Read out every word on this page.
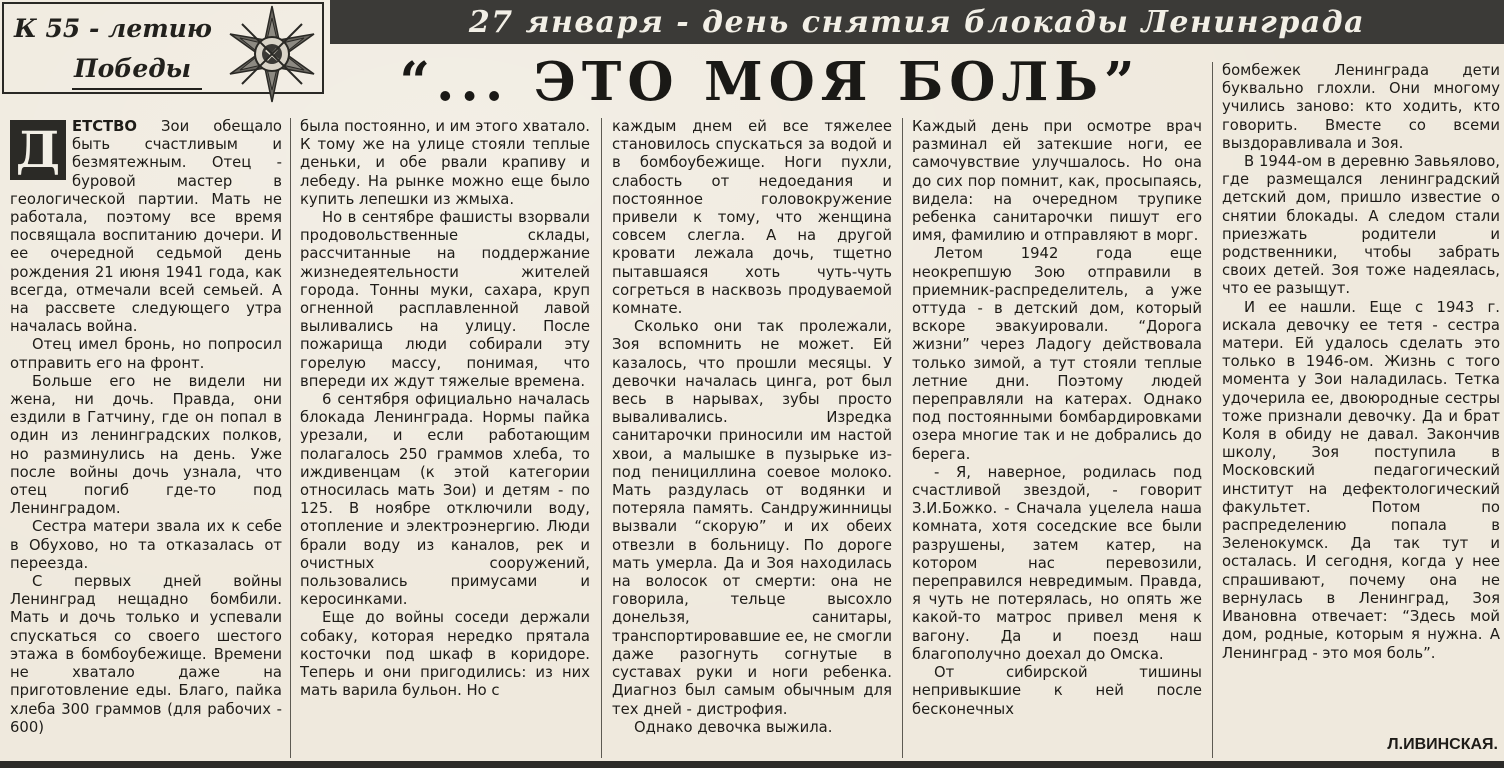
27 января - день снятия блокады Ленинграда
К 55 - летию
Победы	“... ЭТО МОЯ БОЛЬ”

Д ЕТСТВО Зои обещало быть счастливым и безмятежным. Отец - буровой мастер в геологической партии. Мать не работала, поэтому все время посвящала воспитанию дочери. И ее очередной седьмой день рождения 21 июня 1941 года, как всегда, отмечали всей семьей. А на рассвете следующего утра началась война.

Отец имел бронь, но попросил отправить его на фронт.

Больше его не видели ни жена, ни дочь. Правда, они ездили в Гатчину, где он попал в один из ленинградских полков, но разминулись на день. Уже после войны дочь узнала, что отец погиб где-то под Ленинградом.

Сестра матери звала их к себе в Обухово, но та отказалась от переезда.

С первых дней войны Ленинград нещадно бомбили. Мать и дочь только и успевали спускаться со своего шестого этажа в бомбоубежище. Времени не хватало даже на приготовление еды. Благо, пайка хлеба 300 граммов (для рабочих - 600)

была постоянно, и им этого хватало. К тому же на улице стояли теплые деньки, и обе рвали крапиву и лебеду. На рынке можно еще было купить лепешки из жмыха.

Но в сентябре фашисты взорвали продовольственные склады, рассчитанные на поддержание жизнедеятельности жителей города. Тонны муки, сахара, круп огненной расплавленной лавой выливались на улицу. После пожарища люди собирали эту горелую массу, понимая, что впереди их ждут тяжелые времена.

6 сентября официально началась блокада Ленинграда. Нормы пайка урезали, и если работающим полагалось 250 граммов хлеба, то иждивенцам (к этой категории относилась мать Зои) и детям - по 125. В ноябре отключили воду, отопление и электроэнергию. Люди брали воду из каналов, рек и очистных сооружений, пользовались примусами и керосинками.

Еще до войны соседи держали собаку, которая нередко прятала косточки под шкаф в коридоре. Теперь и они пригодились: из них мать варила бульон. Но с

каждым днем ей все тяжелее становилось спускаться за водой и в бомбоубежище. Ноги пухли, слабость от недоедания и постоянное головокружение привели к тому, что женщина совсем слегла. А на другой кровати лежала дочь, тщетно пытавшаяся хоть чуть-чуть согреться в насквозь продуваемой комнате.

Сколько они так пролежали, Зоя вспомнить не может. Ей казалось, что прошли месяцы. У девочки началась цинга, рот был весь в нарывах, зубы просто вываливались. Изредка санитарочки приносили им настой хвои, а малышке в пузырьке из-под пенициллина соевое молоко. Мать раздулась от водянки и потеряла память. Сандружинницы вызвали “скорую” и их обеих отвезли в больницу. По дороге мать умерла. Да и Зоя находилась на волосок от смерти: она не говорила, тельце высохло донельзя, санитары, транспортировавшие ее, не смогли даже разогнуть согнутые в суставах руки и ноги ребенка. Диагноз был самым обычным для тех дней - дистрофия.

Однако девочка выжила.

Каждый день при осмотре врач разминал ей затекшие ноги, ее самочувствие улучшалось. Но она до сих пор помнит, как, просыпаясь, видела: на очередном трупике ребенка санитарочки пишут его имя, фамилию и отправляют в морг.

Летом 1942 года еще неокрепшую Зою отправили в приемник-распределитель, а уже оттуда - в детский дом, который вскоре эвакуировали. “Дорога жизни” через Ладогу действовала только зимой, а тут стояли теплые летние дни. Поэтому людей переправляли на катерах. Однако под постоянными бомбардировками озера многие так и не добрались до берега.

- Я, наверное, родилась под счастливой звездой, - говорит З.И.Божко. - Сначала уцелела наша комната, хотя соседские все были разрушены, затем катер, на котором нас перевозили, переправился невредимым. Правда, я чуть не потерялась, но опять же какой-то матрос привел меня к вагону. Да и поезд наш благополучно доехал до Омска.

От сибирской тишины непривыкшие к ней после бесконечных

бомбежек Ленинграда дети буквально глохли. Они многому учились заново: кто ходить, кто говорить. Вместе со всеми выздоравливала и Зоя.

В 1944-ом в деревню Завьялово, где размещался ленинградский детский дом, пришло известие о снятии блокады. А следом стали приезжать родители и родственники, чтобы забрать своих детей. Зоя тоже надеялась, что ее разыщут.

И ее нашли. Еще с 1943 г. искала девочку ее тетя - сестра матери. Ей удалось сделать это только в 1946-ом. Жизнь с того момента у Зои наладилась. Тетка удочерила ее, двоюродные сестры тоже признали девочку. Да и брат Коля в обиду не давал. Закончив школу, Зоя поступила в Московский педагогический институт на дефектологический факультет. Потом по распределению попала в Зеленокумск. Да так тут и осталась. И сегодня, когда у нее спрашивают, почему она не вернулась в Ленинград, Зоя Ивановна отвечает: “Здесь мой дом, родные, которым я нужна. А Ленинград - это моя боль”.

Л.ИВИНСКАЯ.
